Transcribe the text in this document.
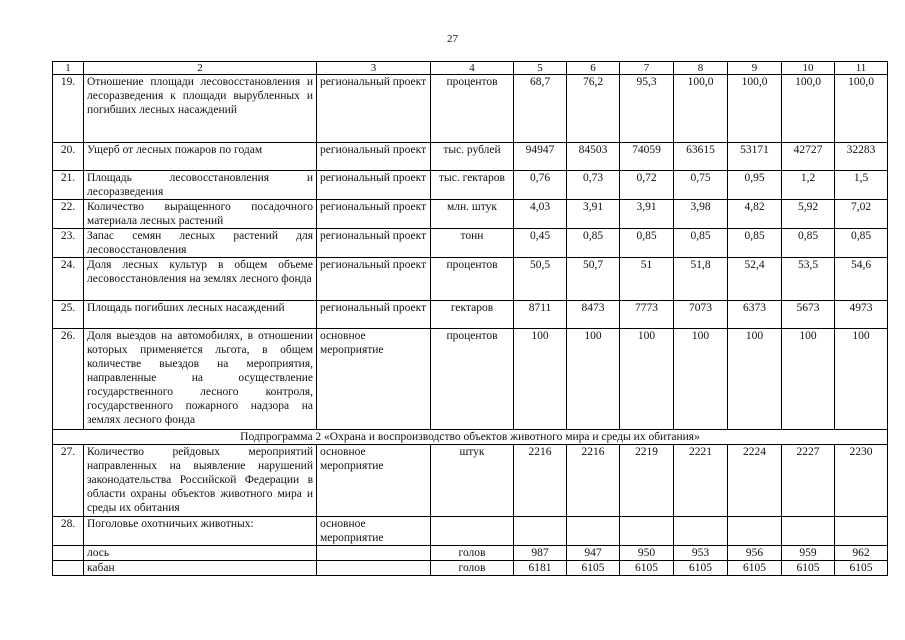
27
1	2	3	4	5	6	7	8	9	10	11
19.	Отношение площади лесовосстановления и лесоразведения к площади вырубленных и погибших лесных насаждений	региональный проект	процентов	68,7	76,2	95,3	100,0	100,0	100,0	100,0
20.	Ущерб от лесных пожаров по годам	региональный проект	тыс. рублей	94947	84503	74059	63615	53171	42727	32283
21.	Площадь лесовосстановления и лесоразведения	региональный проект	тыс. гектаров	0,76	0,73	0,72	0,75	0,95	1,2	1,5
22.	Количество выращенного посадочного материала лесных растений	региональный проект	млн. штук	4,03	3,91	3,91	3,98	4,82	5,92	7,02
23.	Запас семян лесных растений для лесовосстановления	региональный проект	тонн	0,45	0,85	0,85	0,85	0,85	0,85	0,85
24.	Доля лесных культур в общем объеме лесовосстановления на землях лесного фонда	региональный проект	процентов	50,5	50,7	51	51,8	52,4	53,5	54,6
25.	Площадь погибших лесных насаждений	региональный проект	гектаров	8711	8473	7773	7073	6373	5673	4973
26.	Доля выездов на автомобилях, в отношении которых применяется льгота, в общем количестве выездов на мероприятия, направленные на осуществление государственного лесного контроля, государственного пожарного надзора на землях лесного фонда	основное мероприятие	процентов	100	100	100	100	100	100	100
Подпрограмма 2 «Охрана и воспроизводство объектов животного мира и среды их обитания»										
27.	Количество рейдовых мероприятий направленных на выявление нарушений законодательства Российской Федерации в области охраны объектов животного мира и среды их обитания	основное мероприятие	штук	2216	2216	2219	2221	2224	2227	2230
28.	Поголовье охотничьих животных:	основное мероприятие								
	лось		голов	987	947	950	953	956	959	962
	кабан		голов	6181	6105	6105	6105	6105	6105	6105
